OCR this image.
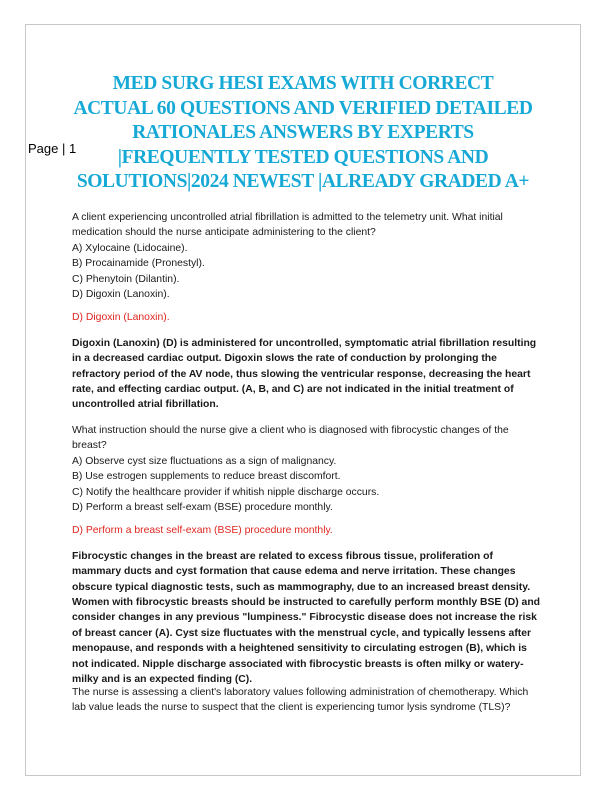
Page | 1
MED SURG HESI EXAMS WITH CORRECT
ACTUAL 60 QUESTIONS AND VERIFIED DETAILED
RATIONALES ANSWERS BY EXPERTS
|FREQUENTLY TESTED QUESTIONS AND
SOLUTIONS|2024 NEWEST |ALREADY GRADED A+

A client experiencing uncontrolled atrial fibrillation is admitted to the telemetry unit. What initial medication should the nurse anticipate administering to the client?

A) Xylocaine (Lidocaine).

B) Procainamide (Pronestyl).

C) Phenytoin (Dilantin).

D) Digoxin (Lanoxin).

D) Digoxin (Lanoxin).

Digoxin (Lanoxin) (D) is administered for uncontrolled, symptomatic atrial fibrillation resulting in a decreased cardiac output. Digoxin slows the rate of conduction by prolonging the refractory period of the AV node, thus slowing the ventricular response, decreasing the heart rate, and effecting cardiac output. (A, B, and C) are not indicated in the initial treatment of uncontrolled atrial fibrillation.

What instruction should the nurse give a client who is diagnosed with fibrocystic changes of the breast?

A) Observe cyst size fluctuations as a sign of malignancy.

B) Use estrogen supplements to reduce breast discomfort.

C) Notify the healthcare provider if whitish nipple discharge occurs.

D) Perform a breast self-exam (BSE) procedure monthly.

D) Perform a breast self-exam (BSE) procedure monthly.

Fibrocystic changes in the breast are related to excess fibrous tissue, proliferation of mammary ducts and cyst formation that cause edema and nerve irritation. These changes obscure typical diagnostic tests, such as mammography, due to an increased breast density. Women with fibrocystic breasts should be instructed to carefully perform monthly BSE (D) and consider changes in any previous "lumpiness." Fibrocystic disease does not increase the risk of breast cancer (A). Cyst size fluctuates with the menstrual cycle, and typically lessens after menopause, and responds with a heightened sensitivity to circulating estrogen (B), which is not indicated. Nipple discharge associated with fibrocystic breasts is often milky or watery-milky and is an expected finding (C).

The nurse is assessing a client's laboratory values following administration of chemotherapy. Which lab value leads the nurse to suspect that the client is experiencing tumor lysis syndrome (TLS)?
